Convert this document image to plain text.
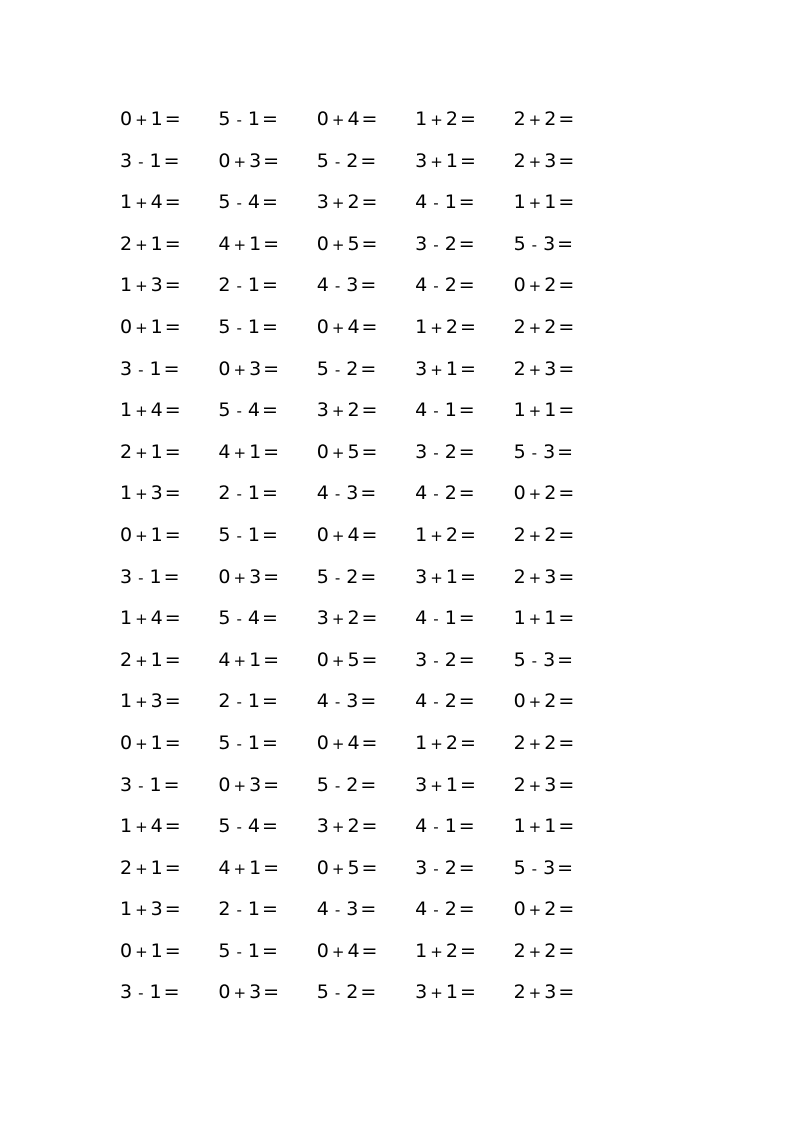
0 + 1 =	5 - 1 =	0 + 4 =	1 + 2 =	2 + 2 =
3 - 1 =	0 + 3 =	5 - 2 =	3 + 1 =	2 + 3 =
1 + 4 =	5 - 4 =	3 + 2 =	4 - 1 =	1 + 1 =
2 + 1 =	4 + 1 =	0 + 5 =	3 - 2 =	5 - 3 =
1 + 3 =	2 - 1 =	4 - 3 =	4 - 2 =	0 + 2 =
0 + 1 =	5 - 1 =	0 + 4 =	1 + 2 =	2 + 2 =
3 - 1 =	0 + 3 =	5 - 2 =	3 + 1 =	2 + 3 =
1 + 4 =	5 - 4 =	3 + 2 =	4 - 1 =	1 + 1 =
2 + 1 =	4 + 1 =	0 + 5 =	3 - 2 =	5 - 3 =
1 + 3 =	2 - 1 =	4 - 3 =	4 - 2 =	0 + 2 =
0 + 1 =	5 - 1 =	0 + 4 =	1 + 2 =	2 + 2 =
3 - 1 =	0 + 3 =	5 - 2 =	3 + 1 =	2 + 3 =
1 + 4 =	5 - 4 =	3 + 2 =	4 - 1 =	1 + 1 =
2 + 1 =	4 + 1 =	0 + 5 =	3 - 2 =	5 - 3 =
1 + 3 =	2 - 1 =	4 - 3 =	4 - 2 =	0 + 2 =
0 + 1 =	5 - 1 =	0 + 4 =	1 + 2 =	2 + 2 =
3 - 1 =	0 + 3 =	5 - 2 =	3 + 1 =	2 + 3 =
1 + 4 =	5 - 4 =	3 + 2 =	4 - 1 =	1 + 1 =
2 + 1 =	4 + 1 =	0 + 5 =	3 - 2 =	5 - 3 =
1 + 3 =	2 - 1 =	4 - 3 =	4 - 2 =	0 + 2 =
0 + 1 =	5 - 1 =	0 + 4 =	1 + 2 =	2 + 2 =
3 - 1 =	0 + 3 =	5 - 2 =	3 + 1 =	2 + 3 =
